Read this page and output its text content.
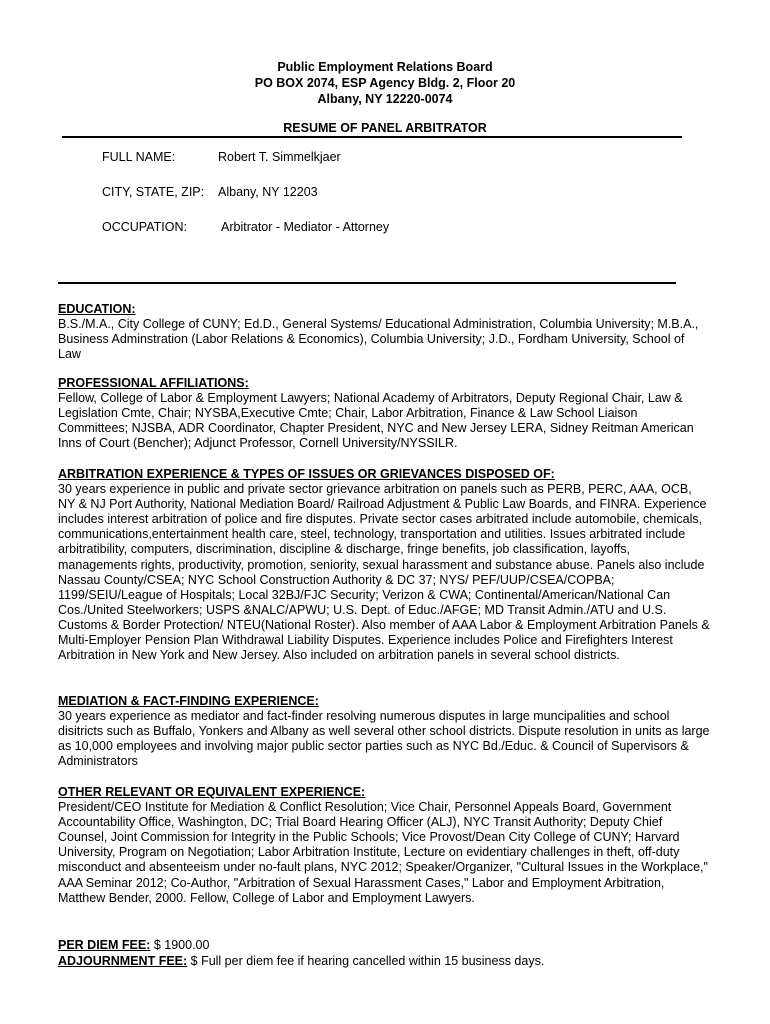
Public Employment Relations Board
PO BOX 2074, ESP Agency Bldg. 2, Floor 20
Albany, NY 12220-0074
RESUME OF PANEL ARBITRATOR
FULL NAME:	Robert T. Simmelkjaer
CITY, STATE, ZIP: Albany, NY 12203
OCCUPATION:	Arbitrator - Mediator - Attorney
EDUCATION:

B.S./M.A., City College of CUNY; Ed.D., General Systems/ Educational Administration, Columbia University; M.B.A., Business Adminstration (Labor Relations & Economics), Columbia University; J.D., Fordham University, School of Law

PROFESSIONAL AFFILIATIONS:

Fellow, College of Labor & Employment Lawyers; National Academy of Arbitrators, Deputy Regional Chair, Law & Legislation Cmte, Chair; NYSBA,Executive Cmte; Chair, Labor Arbitration, Finance & Law School Liaison Committees; NJSBA, ADR Coordinator, Chapter President, NYC and New Jersey LERA, Sidney Reitman American Inns of Court (Bencher); Adjunct Professor, Cornell University/NYSSILR.

ARBITRATION EXPERIENCE & TYPES OF ISSUES OR GRIEVANCES DISPOSED OF:

30 years experience in public and private sector grievance arbitration on panels such as PERB, PERC, AAA, OCB, NY & NJ Port Authority, National Mediation Board/ Railroad Adjustment & Public Law Boards, and FINRA. Experience includes interest arbitration of police and fire disputes. Private sector cases arbitrated include automobile, chemicals, communications,entertainment health care, steel, technology, transportation and utilities. Issues arbitrated include arbitratibility, computers, discrimination, discipline & discharge, fringe benefits, job classification, layoffs, managements rights, productivity, promotion, seniority, sexual harassment and substance abuse. Panels also include Nassau County/CSEA; NYC School Construction Authority & DC 37; NYS/ PEF/UUP/CSEA/COPBA; 1199/SEIU/League of Hospitals; Local 32BJ/FJC Security; Verizon & CWA; Continental/American/National Can Cos./United Steelworkers; USPS &NALC/APWU; U.S. Dept. of Educ./AFGE; MD Transit Admin./ATU and U.S. Customs & Border Protection/ NTEU(National Roster). Also member of AAA Labor & Employment Arbitration Panels & Multi-Employer Pension Plan Withdrawal Liability Disputes. Experience includes Police and Firefighters Interest Arbitration in New York and New Jersey. Also included on arbitration panels in several school districts.

MEDIATION & FACT-FINDING EXPERIENCE:

30 years experience as mediator and fact-finder resolving numerous disputes in large muncipalities and school disitricts such as Buffalo, Yonkers and Albany as well several other school districts. Dispute resolution in units as large as 10,000 employees and involving major public sector parties such as NYC Bd./Educ. & Council of Supervisors & Administrators

OTHER RELEVANT OR EQUIVALENT EXPERIENCE:

President/CEO Institute for Mediation & Conflict Resolution; Vice Chair, Personnel Appeals Board, Government Accountability Office, Washington, DC; Trial Board Hearing Officer (ALJ), NYC Transit Authority; Deputy Chief Counsel, Joint Commission for Integrity in the Public Schools; Vice Provost/Dean City College of CUNY; Harvard University, Program on Negotiation; Labor Arbitration Institute, Lecture on evidentiary challenges in theft, off-duty misconduct and absenteeism under no-fault plans, NYC 2012; Speaker/Organizer, "Cultural Issues in the Workplace," AAA Seminar 2012; Co-Author, "Arbitration of Sexual Harassment Cases," Labor and Employment Arbitration, Matthew Bender, 2000. Fellow, College of Labor and Employment Lawyers.

PER DIEM FEE: $ 1900.00
ADJOURNMENT FEE: $ Full per diem fee if hearing cancelled within 15 business days.
